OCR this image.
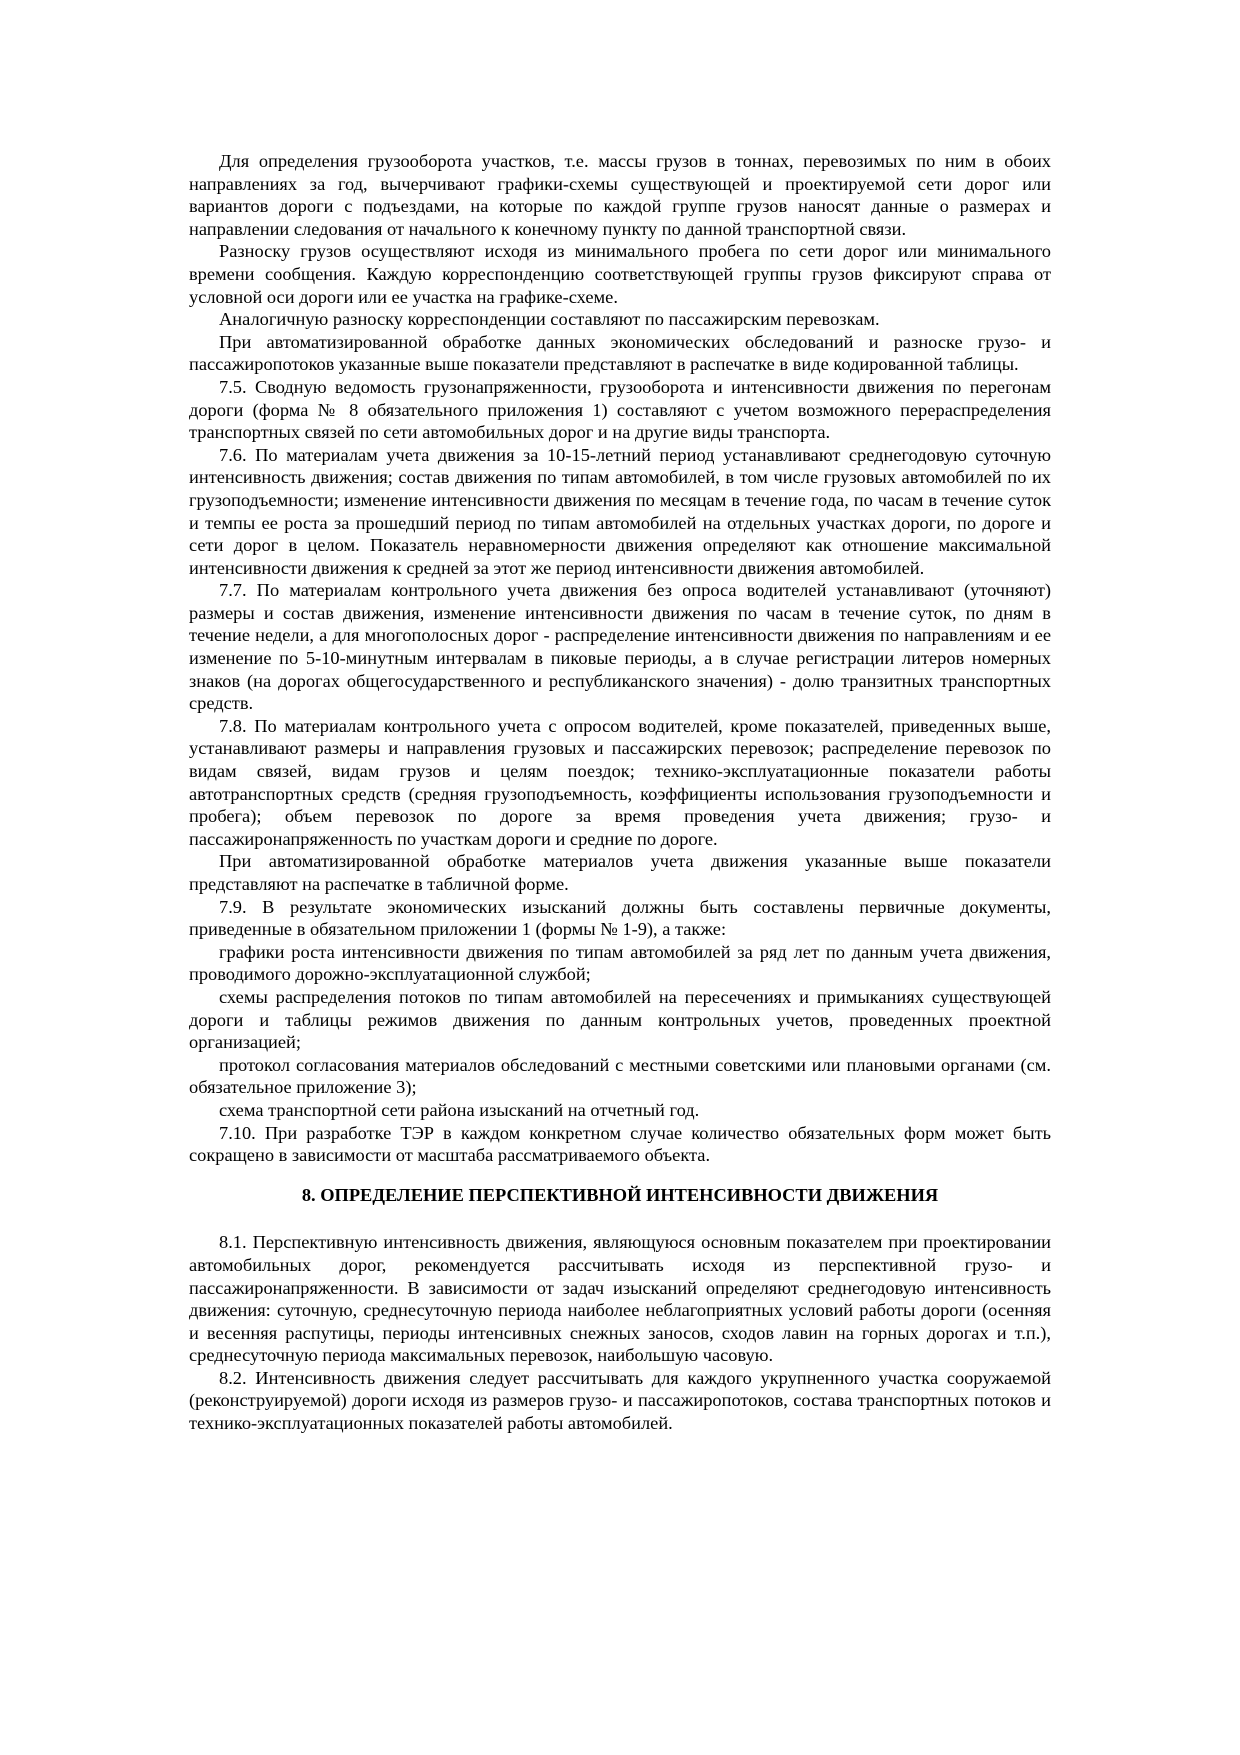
Для определения грузооборота участков, т.е. массы грузов в тоннах, перевозимых по ним в обоих направлениях за год, вычерчивают графики-схемы существующей и проектируемой сети дорог или вариантов дороги с подъездами, на которые по каждой группе грузов наносят данные о размерах и направлении следования от начального к конечному пункту по данной транспортной связи.

Разноску грузов осуществляют исходя из минимального пробега по сети дорог или минимального времени сообщения. Каждую корреспонденцию соответствующей группы грузов фиксируют справа от условной оси дороги или ее участка на графике-схеме.

Аналогичную разноску корреспонденции составляют по пассажирским перевозкам.

При автоматизированной обработке данных экономических обследований и разноске грузо- и пассажиропотоков указанные выше показатели представляют в распечатке в виде кодированной таблицы.

7.5. Сводную ведомость грузонапряженности, грузооборота и интенсивности движения по перегонам дороги (форма № 8 обязательного приложения 1) составляют с учетом возможного перераспределения транспортных связей по сети автомобильных дорог и на другие виды транспорта.

7.6. По материалам учета движения за 10-15-летний период устанавливают среднегодовую суточную интенсивность движения; состав движения по типам автомобилей, в том числе грузовых автомобилей по их грузоподъемности; изменение интенсивности движения по месяцам в течение года, по часам в течение суток и темпы ее роста за прошедший период по типам автомобилей на отдельных участках дороги, по дороге и сети дорог в целом. Показатель неравномерности движения определяют как отношение максимальной интенсивности движения к средней за этот же период интенсивности движения автомобилей.

7.7. По материалам контрольного учета движения без опроса водителей устанавливают (уточняют) размеры и состав движения, изменение интенсивности движения по часам в течение суток, по дням в течение недели, а для многополосных дорог - распределение интенсивности движения по направлениям и ее изменение по 5-10-минутным интервалам в пиковые периоды, а в случае регистрации литеров номерных знаков (на дорогах общегосударственного и республиканского значения) - долю транзитных транспортных средств.

7.8. По материалам контрольного учета с опросом водителей, кроме показателей, приведенных выше, устанавливают размеры и направления грузовых и пассажирских перевозок; распределение перевозок по видам связей, видам грузов и целям поездок; технико-эксплуатационные показатели работы автотранспортных средств (средняя грузоподъемность, коэффициенты использования грузоподъемности и пробега); объем перевозок по дороге за время проведения учета движения; грузо- и пассажиронапряженность по участкам дороги и средние по дороге.

При автоматизированной обработке материалов учета движения указанные выше показатели представляют на распечатке в табличной форме.

7.9. В результате экономических изысканий должны быть составлены первичные документы, приведенные в обязательном приложении 1 (формы № 1-9), а также:

графики роста интенсивности движения по типам автомобилей за ряд лет по данным учета движения, проводимого дорожно-эксплуатационной службой;

схемы распределения потоков по типам автомобилей на пересечениях и примыканиях существующей дороги и таблицы режимов движения по данным контрольных учетов, проведенных проектной организацией;

протокол согласования материалов обследований с местными советскими или плановыми органами (см. обязательное приложение 3);

схема транспортной сети района изысканий на отчетный год.

7.10. При разработке ТЭР в каждом конкретном случае количество обязательных форм может быть сокращено в зависимости от масштаба рассматриваемого объекта.

8. ОПРЕДЕЛЕНИЕ ПЕРСПЕКТИВНОЙ ИНТЕНСИВНОСТИ ДВИЖЕНИЯ

8.1. Перспективную интенсивность движения, являющуюся основным показателем при проектировании автомобильных дорог, рекомендуется рассчитывать исходя из перспективной грузо- и пассажиронапряженности. В зависимости от задач изысканий определяют среднегодовую интенсивность движения: суточную, среднесуточную периода наиболее неблагоприятных условий работы дороги (осенняя и весенняя распутицы, периоды интенсивных снежных заносов, сходов лавин на горных дорогах и т.п.), среднесуточную периода максимальных перевозок, наибольшую часовую.

8.2. Интенсивность движения следует рассчитывать для каждого укрупненного участка сооружаемой (реконструируемой) дороги исходя из размеров грузо- и пассажиропотоков, состава транспортных потоков и технико-эксплуатационных показателей работы автомобилей.
